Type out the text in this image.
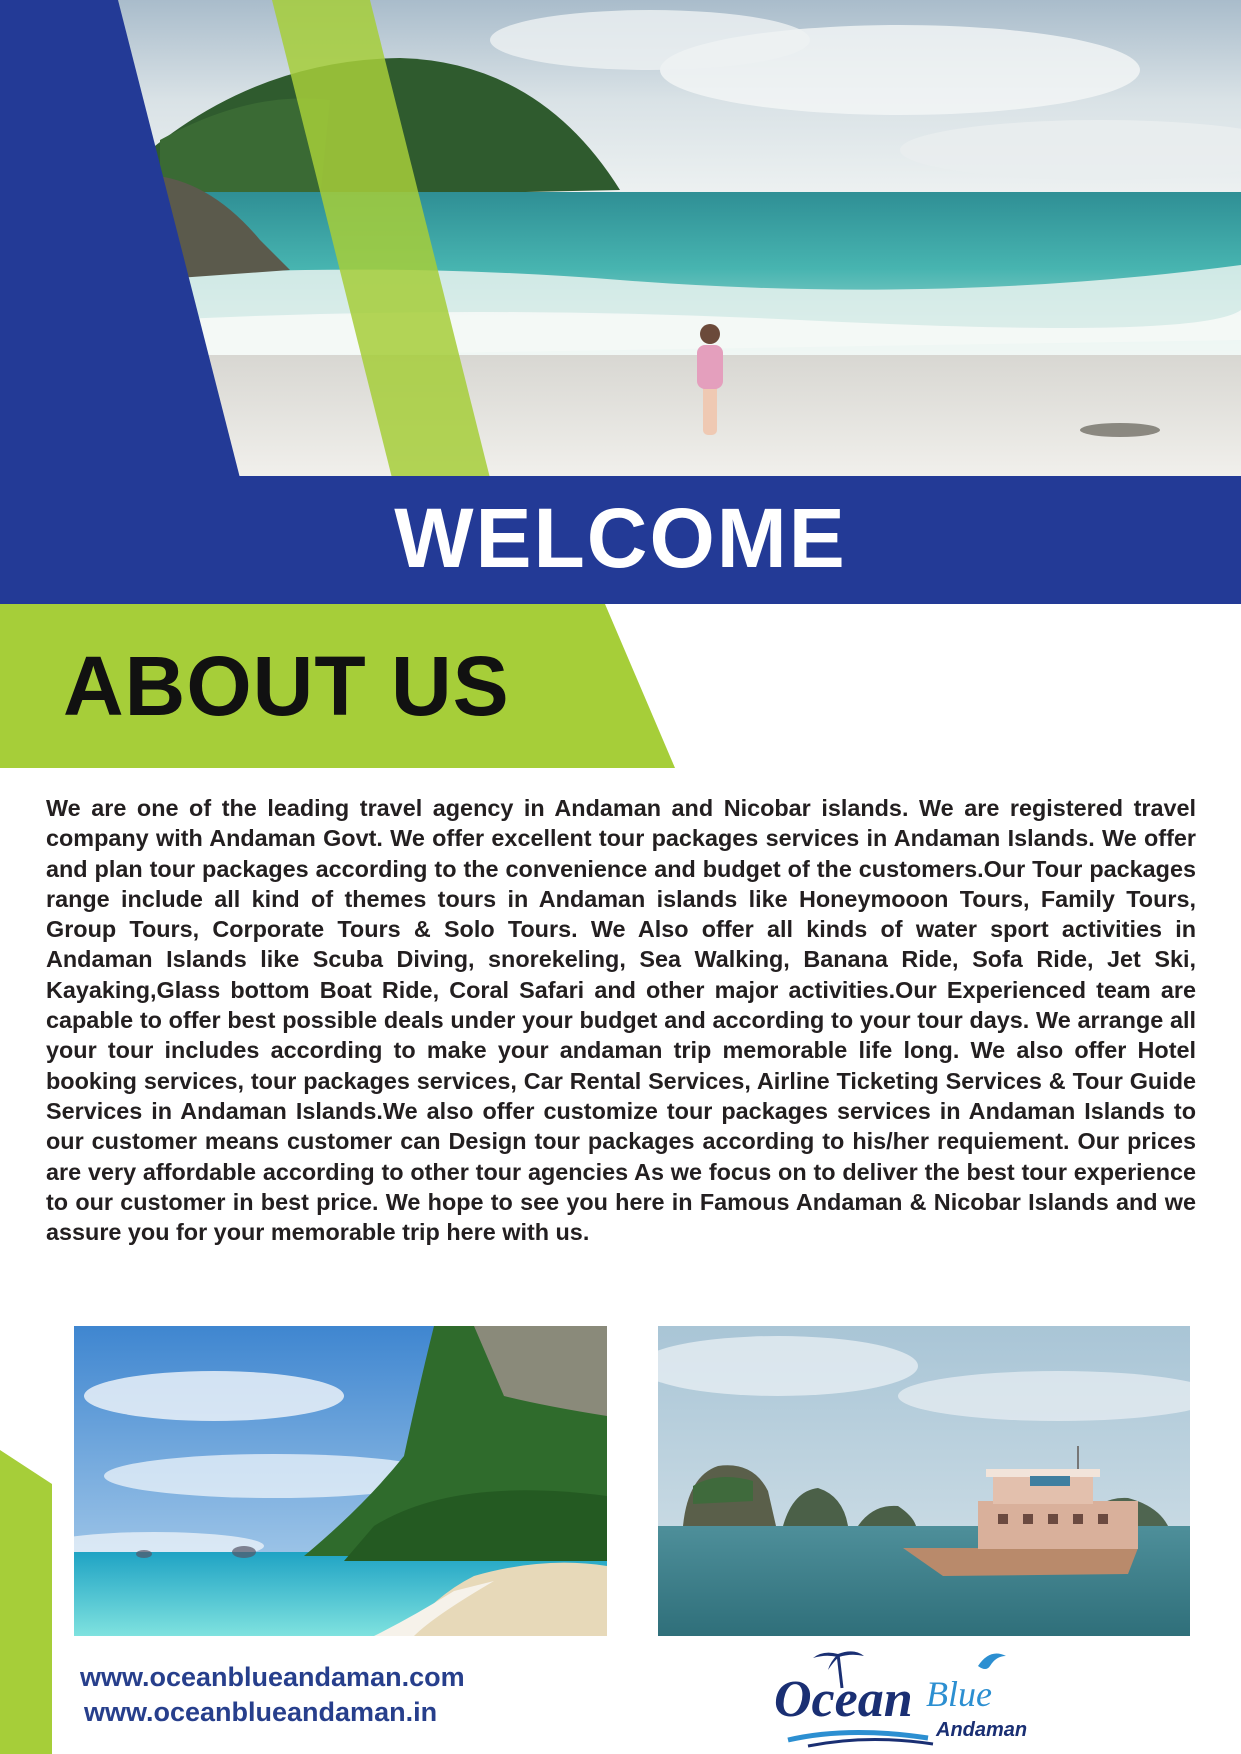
WELCOME
ABOUT US

We are one of the leading travel agency in Andaman and Nicobar islands. We are registered travel company with Andaman Govt. We offer excellent tour packages services in Andaman Islands. We offer and plan tour packages according to the convenience and budget of the customers.Our Tour packages range include all kind of themes tours in Andaman islands like Honeymooon Tours, Family Tours, Group Tours, Corporate Tours & Solo Tours. We Also offer all kinds of water sport activities in Andaman Islands like Scuba Diving, snorekeling, Sea Walking, Banana Ride, Sofa Ride, Jet Ski, Kayaking,Glass bottom Boat Ride, Coral Safari and other major activities.Our Experienced team are capable to offer best possible deals under your budget and according to your tour days. We arrange all your tour includes according to make your andaman trip memorable life long. We also offer Hotel booking services, tour packages services, Car Rental Services, Airline Ticketing Services & Tour Guide Services in Andaman Islands.We also offer customize tour packages services in Andaman Islands to our customer means customer can Design tour packages according to his/her requiement. Our prices are very affordable according to other tour agencies As we focus on to deliver the best tour experience to our customer in best price. We hope to see you here in Famous Andaman & Nicobar Islands and we assure you for your memorable trip here with us.

www.oceanblueandaman.com
www.oceanblueandaman.in	Ocean Blue
Andaman
